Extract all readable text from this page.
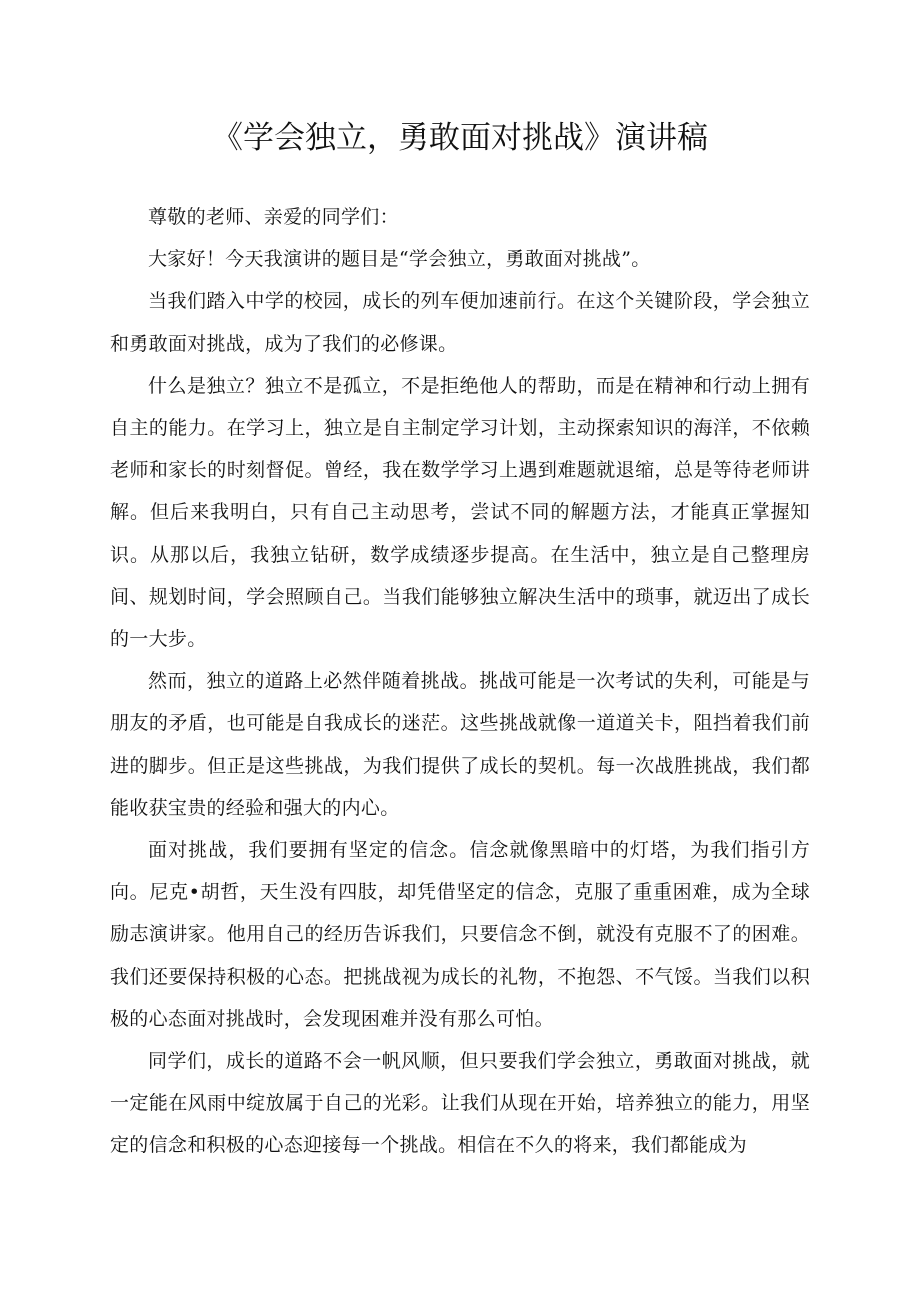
《学会独立，勇敢面对挑战》演讲稿

尊敬的老师、亲爱的同学们：

大家好！今天我演讲的题目是“学会独立，勇敢面对挑战”。

当我们踏入中学的校园，成长的列车便加速前行。在这个关键阶段，学会独立和勇敢面对挑战，成为了我们的必修课。

什么是独立？独立不是孤立，不是拒绝他人的帮助，而是在精神和行动上拥有自主的能力。在学习上，独立是自主制定学习计划，主动探索知识的海洋，不依赖老师和家长的时刻督促。曾经，我在数学学习上遇到难题就退缩，总是等待老师讲解。但后来我明白，只有自己主动思考，尝试不同的解题方法，才能真正掌握知识。从那以后，我独立钻研，数学成绩逐步提高。在生活中，独立是自己整理房间、规划时间，学会照顾自己。当我们能够独立解决生活中的琐事，就迈出了成长的一大步。

然而，独立的道路上必然伴随着挑战。挑战可能是一次考试的失利，可能是与朋友的矛盾，也可能是自我成长的迷茫。这些挑战就像一道道关卡，阻挡着我们前进的脚步。但正是这些挑战，为我们提供了成长的契机。每一次战胜挑战，我们都能收获宝贵的经验和强大的内心。

面对挑战，我们要拥有坚定的信念。信念就像黑暗中的灯塔，为我们指引方向。尼克•胡哲，天生没有四肢，却凭借坚定的信念，克服了重重困难，成为全球励志演讲家。他用自己的经历告诉我们，只要信念不倒，就没有克服不了的困难。我们还要保持积极的心态。把挑战视为成长的礼物，不抱怨、不气馁。当我们以积极的心态面对挑战时，会发现困难并没有那么可怕。

同学们，成长的道路不会一帆风顺，但只要我们学会独立，勇敢面对挑战，就一定能在风雨中绽放属于自己的光彩。让我们从现在开始，培养独立的能力，用坚定的信念和积极的心态迎接每一个挑战。相信在不久的将来，我们都能成为
